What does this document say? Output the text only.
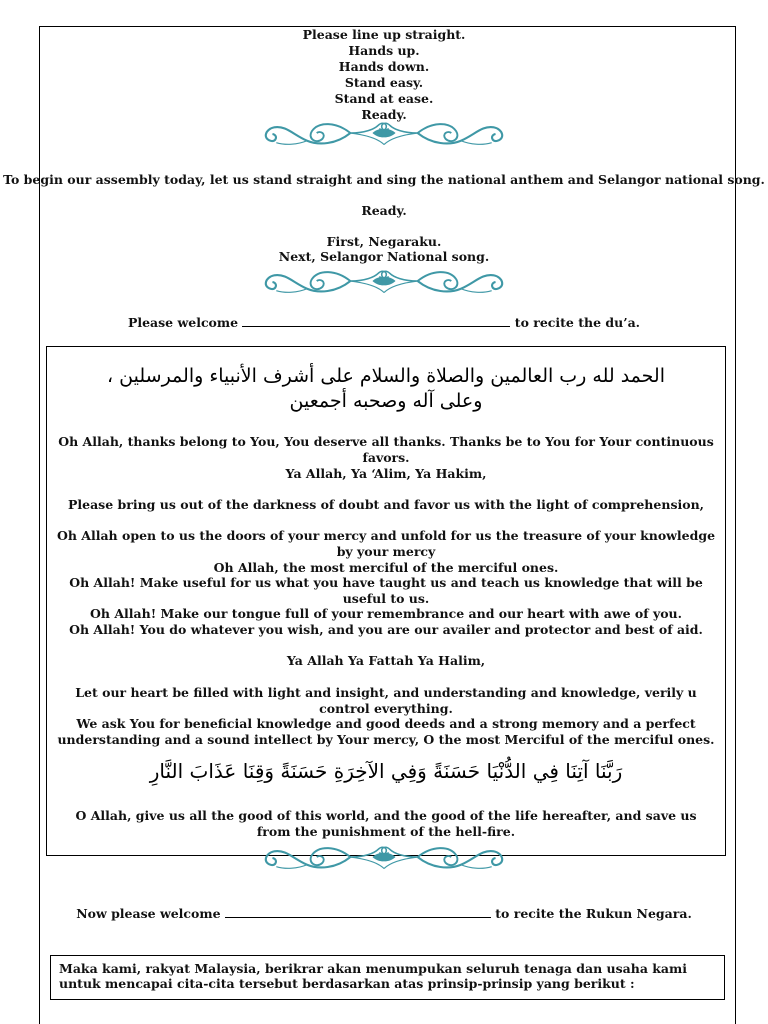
Please line up straight.
Hands up.
Hands down.
Stand easy.
Stand at ease.
Ready.
To begin our assembly today, let us stand straight and sing the national anthem and Selangor national song.
Ready.
First, Negaraku.
Next, Selangor National song.
Please welcome	to recite the du’a.
الحمد لله رب العالمين والصلاة والسلام على أشرف الأنبياء والمرسلين ،
وعلى آله وصحبه أجمعين
Oh Allah, thanks belong to You, You deserve all thanks. Thanks be to You for Your continuous favors.
Ya Allah, Ya ‘Alim, Ya Hakim,
Please bring us out of the darkness of doubt and favor us with the light of comprehension,
Oh Allah open to us the doors of your mercy and unfold for us the treasure of your knowledge by your mercy
Oh Allah, the most merciful of the merciful ones.
Oh Allah! Make useful for us what you have taught us and teach us knowledge that will be useful to us.
Oh Allah! Make our tongue full of your remembrance and our heart with awe of you.
Oh Allah! You do whatever you wish, and you are our availer and protector and best of aid.
Ya Allah Ya Fattah Ya Halim,
Let our heart be filled with light and insight, and understanding and knowledge, verily u control everything.
We ask You for beneficial knowledge and good deeds and a strong memory and a perfect understanding and a sound intellect by Your mercy, O the most Merciful of the merciful ones.
رَبَّنَا آتِنَا فِي الدُّنْيَا حَسَنَةً وَفِي الآخِرَةِ حَسَنَةً وَقِنَا عَذَابَ النَّارِ
O Allah, give us all the good of this world, and the good of the life hereafter, and save us from the punishment of the hell-fire.
Now please welcome	to recite the Rukun Negara.
Maka kami, rakyat Malaysia, berikrar akan menumpukan seluruh tenaga dan usaha kami untuk mencapai cita-cita tersebut berdasarkan atas prinsip-prinsip yang berikut :
